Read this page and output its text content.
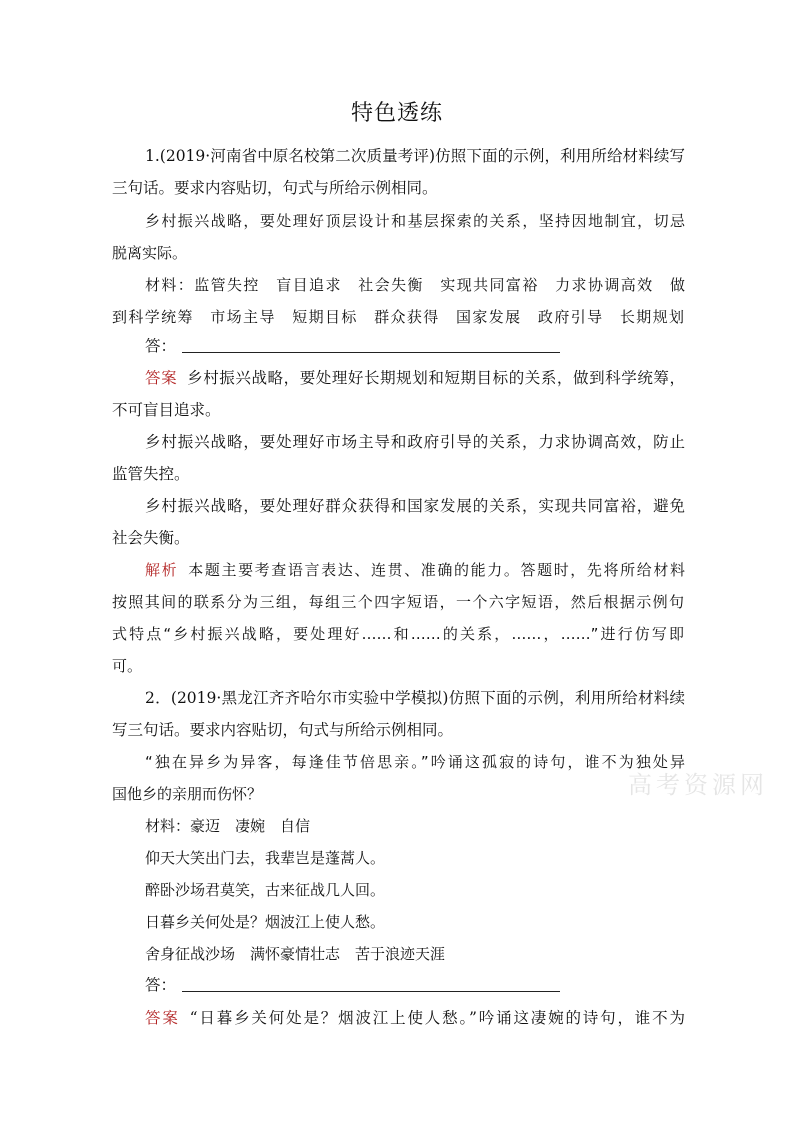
特色透练
1.(2019·河南省中原名校第二次质量考评)仿照下面的示例，利用所给材料续写
三句话。要求内容贴切，句式与所给示例相同。
乡村振兴战略，要处理好顶层设计和基层探索的关系，坚持因地制宜，切忌
脱离实际。
材料：监管失控　盲目追求　社会失衡　实现共同富裕　力求协调高效　做
到科学统筹　市场主导　短期目标　群众获得　国家发展　政府引导　长期规划
答：
答案 乡村振兴战略，要处理好长期规划和短期目标的关系，做到科学统筹，
不可盲目追求。
乡村振兴战略，要处理好市场主导和政府引导的关系，力求协调高效，防止
监管失控。
乡村振兴战略，要处理好群众获得和国家发展的关系，实现共同富裕，避免
社会失衡。
解析 本题主要考查语言表达、连贯、准确的能力。答题时，先将所给材料
按照其间的联系分为三组，每组三个四字短语，一个六字短语，然后根据示例句
式特点“乡村振兴战略，要处理好……和……的关系，……，……”进行仿写即
可。
2．(2019·黑龙江齐齐哈尔市实验中学模拟)仿照下面的示例，利用所给材料续
写三句话。要求内容贴切，句式与所给示例相同。
“独在异乡为异客，每逢佳节倍思亲。”吟诵这孤寂的诗句，谁不为独处异
国他乡的亲朋而伤怀？
材料：豪迈　凄婉　自信
仰天大笑出门去，我辈岂是蓬蒿人。
醉卧沙场君莫笑，古来征战几人回。
日暮乡关何处是？烟波江上使人愁。
舍身征战沙场　满怀豪情壮志　苦于浪迹天涯
答：
答案 “日暮乡关何处是？烟波江上使人愁。”吟诵这凄婉的诗句，谁不为
高考资源网
